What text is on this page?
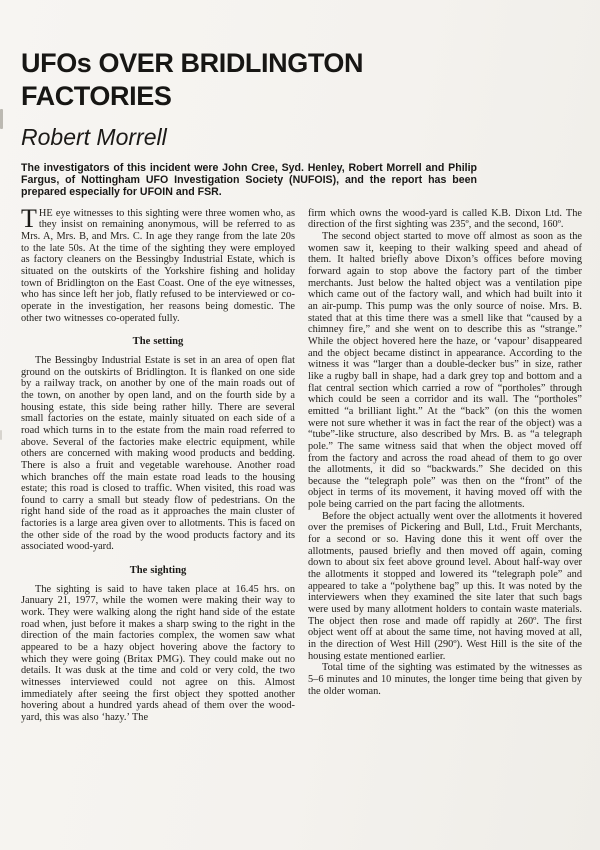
UFOs OVER BRIDLINGTON FACTORIES
Robert Morrell

The investigators of this incident were John Cree, Syd. Henley, Robert Morrell and Philip Fargus, of Nottingham UFO Investigation Society (NUFOIS), and the report has been prepared especially for UFOIN and FSR.

THE eye witnesses to this sighting were three women who, as they insist on remaining anonymous, will be referred to as Mrs. A, Mrs. B, and Mrs. C. In age they range from the late 20s to the late 50s. At the time of the sighting they were employed as factory cleaners on the Bessingby Industrial Estate, which is situated on the outskirts of the Yorkshire fishing and holiday town of Bridlington on the East Coast. One of the eye witnesses, who has since left her job, flatly refused to be interviewed or co-operate in the investigation, her reasons being domestic. The other two witnesses co-operated fully.

The setting

The Bessingby Industrial Estate is set in an area of open flat ground on the outskirts of Bridlington. It is flanked on one side by a railway track, on another by one of the main roads out of the town, on another by open land, and on the fourth side by a housing estate, this side being rather hilly. There are several small factories on the estate, mainly situated on each side of a road which turns in to the estate from the main road referred to above. Several of the factories make electric equipment, while others are concerned with making wood products and bedding. There is also a fruit and vegetable warehouse. Another road which branches off the main estate road leads to the housing estate; this road is closed to traffic. When visited, this road was found to carry a small but steady flow of pedestrians. On the right hand side of the road as it approaches the main cluster of factories is a large area given over to allotments. This is faced on the other side of the road by the wood products factory and its associated wood-yard.

The sighting

The sighting is said to have taken place at 16.45 hrs. on January 21, 1977, while the women were making their way to work. They were walking along the right hand side of the estate road when, just before it makes a sharp swing to the right in the direction of the main factories complex, the women saw what appeared to be a hazy object hovering above the factory to which they were going (Britax PMG). They could make out no details. It was dusk at the time and cold or very cold, the two witnesses interviewed could not agree on this. Almost immediately after seeing the first object they spotted another hovering about a hundred yards ahead of them over the wood-yard, this was also ‘hazy.’ The

firm which owns the wood-yard is called K.B. Dixon Ltd. The direction of the first sighting was 235º, and the second, 160º.

The second object started to move off almost as soon as the women saw it, keeping to their walking speed and ahead of them. It halted briefly above Dixon’s offices before moving forward again to stop above the factory part of the timber merchants. Just below the halted object was a ventilation pipe which came out of the factory wall, and which had built into it an air-pump. This pump was the only source of noise. Mrs. B. stated that at this time there was a smell like that “caused by a chimney fire,” and she went on to describe this as “strange.” While the object hovered here the haze, or ‘vapour’ disappeared and the object became distinct in appearance. According to the witness it was “larger than a double-decker bus” in size, rather like a rugby ball in shape, had a dark grey top and bottom and a flat central section which carried a row of “portholes” through which could be seen a corridor and its wall. The “portholes” emitted “a brilliant light.” At the “back” (on this the women were not sure whether it was in fact the rear of the object) was a “tube”-like structure, also described by Mrs. B. as “a telegraph pole.” The same witness said that when the object moved off from the factory and across the road ahead of them to go over the allotments, it did so “backwards.” She decided on this because the “telegraph pole” was then on the “front” of the object in terms of its movement, it having moved off with the pole being carried on the part facing the allotments.

Before the object actually went over the allotments it hovered over the premises of Pickering and Bull, Ltd., Fruit Merchants, for a second or so. Having done this it went off over the allotments, paused briefly and then moved off again, coming down to about six feet above ground level. About half-way over the allotments it stopped and lowered its “telegraph pole” and appeared to take a “polythene bag” up this. It was noted by the interviewers when they examined the site later that such bags were used by many allotment holders to contain waste materials. The object then rose and made off rapidly at 260º. The first object went off at about the same time, not having moved at all, in the direction of West Hill (290º). West Hill is the site of the housing estate mentioned earlier.

Total time of the sighting was estimated by the witnesses as 5–6 minutes and 10 minutes, the longer time being that given by the older woman.
